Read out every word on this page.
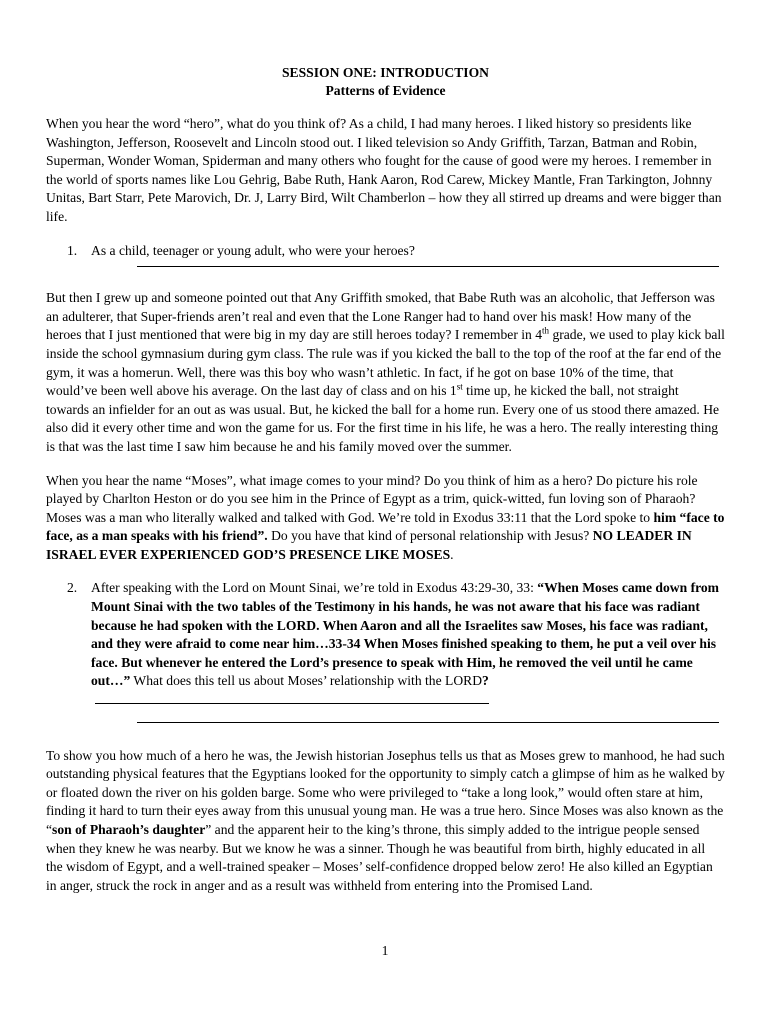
SESSION ONE: INTRODUCTION
Patterns of Evidence

When you hear the word “hero”, what do you think of? As a child, I had many heroes. I liked history so presidents like Washington, Jefferson, Roosevelt and Lincoln stood out. I liked television so Andy Griffith, Tarzan, Batman and Robin, Superman, Wonder Woman, Spiderman and many others who fought for the cause of good were my heroes. I remember in the world of sports names like Lou Gehrig, Babe Ruth, Hank Aaron, Rod Carew, Mickey Mantle, Fran Tarkington, Johnny Unitas, Bart Starr, Pete Marovich, Dr. J, Larry Bird, Wilt Chamberlon – how they all stirred up dreams and were bigger than life.

1.	As a child, teenager or young adult, who were your heroes?

But then I grew up and someone pointed out that Any Griffith smoked, that Babe Ruth was an alcoholic, that Jefferson was an adulterer, that Super-friends aren’t real and even that the Lone Ranger had to hand over his mask! How many of the heroes that I just mentioned that were big in my day are still heroes today? I remember in 4th grade, we used to play kick ball inside the school gymnasium during gym class. The rule was if you kicked the ball to the top of the roof at the far end of the gym, it was a homerun. Well, there was this boy who wasn’t athletic. In fact, if he got on base 10% of the time, that would’ve been well above his average. On the last day of class and on his 1st time up, he kicked the ball, not straight towards an infielder for an out as was usual. But, he kicked the ball for a home run. Every one of us stood there amazed. He also did it every other time and won the game for us. For the first time in his life, he was a hero. The really interesting thing is that was the last time I saw him because he and his family moved over the summer.

When you hear the name “Moses”, what image comes to your mind? Do you think of him as a hero? Do picture his role played by Charlton Heston or do you see him in the Prince of Egypt as a trim, quick-witted, fun loving son of Pharaoh? Moses was a man who literally walked and talked with God. We’re told in Exodus 33:11 that the Lord spoke to him “face to face, as a man speaks with his friend”. Do you have that kind of personal relationship with Jesus? NO LEADER IN ISRAEL EVER EXPERIENCED GOD’S PRESENCE LIKE MOSES.

2.	After speaking with the Lord on Mount Sinai, we’re told in Exodus 43:29-30, 33: “When Moses came down from Mount Sinai with the two tables of the Testimony in his hands, he was not aware that his face was radiant because he had spoken with the LORD. When Aaron and all the Israelites saw Moses, his face was radiant, and they were afraid to come near him…33-34 When Moses finished speaking to them, he put a veil over his face. But whenever he entered the Lord’s presence to speak with Him, he removed the veil until he came out…” What does this tell us about Moses’ relationship with the LORD?

To show you how much of a hero he was, the Jewish historian Josephus tells us that as Moses grew to manhood, he had such outstanding physical features that the Egyptians looked for the opportunity to simply catch a glimpse of him as he walked by or floated down the river on his golden barge. Some who were privileged to “take a long look,” would often stare at him, finding it hard to turn their eyes away from this unusual young man. He was a true hero. Since Moses was also known as the “son of Pharaoh’s daughter” and the apparent heir to the king’s throne, this simply added to the intrigue people sensed when they knew he was nearby. But we know he was a sinner. Though he was beautiful from birth, highly educated in all the wisdom of Egypt, and a well-trained speaker – Moses’ self-confidence dropped below zero! He also killed an Egyptian in anger, struck the rock in anger and as a result was withheld from entering into the Promised Land.

1
